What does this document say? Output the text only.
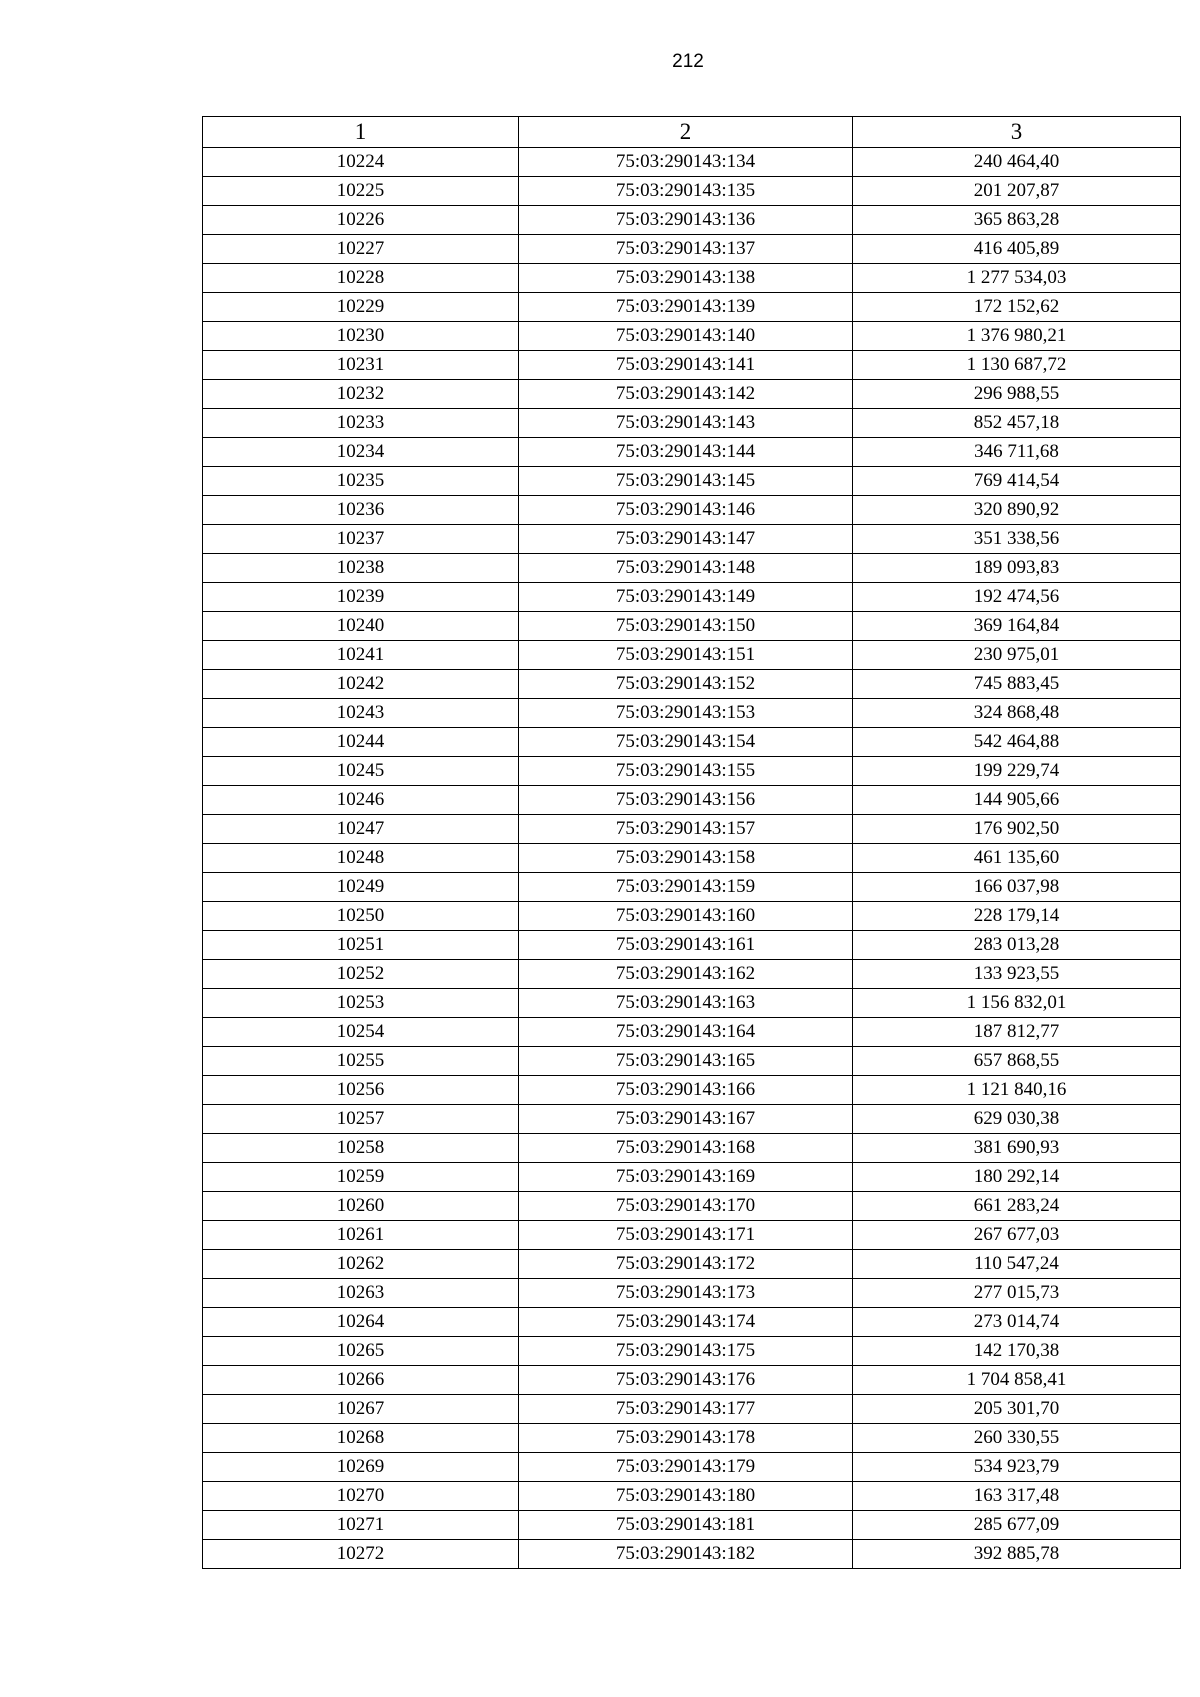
212
1	2	3
10224	75:03:290143:134	240 464,40
10225	75:03:290143:135	201 207,87
10226	75:03:290143:136	365 863,28
10227	75:03:290143:137	416 405,89
10228	75:03:290143:138	1 277 534,03
10229	75:03:290143:139	172 152,62
10230	75:03:290143:140	1 376 980,21
10231	75:03:290143:141	1 130 687,72
10232	75:03:290143:142	296 988,55
10233	75:03:290143:143	852 457,18
10234	75:03:290143:144	346 711,68
10235	75:03:290143:145	769 414,54
10236	75:03:290143:146	320 890,92
10237	75:03:290143:147	351 338,56
10238	75:03:290143:148	189 093,83
10239	75:03:290143:149	192 474,56
10240	75:03:290143:150	369 164,84
10241	75:03:290143:151	230 975,01
10242	75:03:290143:152	745 883,45
10243	75:03:290143:153	324 868,48
10244	75:03:290143:154	542 464,88
10245	75:03:290143:155	199 229,74
10246	75:03:290143:156	144 905,66
10247	75:03:290143:157	176 902,50
10248	75:03:290143:158	461 135,60
10249	75:03:290143:159	166 037,98
10250	75:03:290143:160	228 179,14
10251	75:03:290143:161	283 013,28
10252	75:03:290143:162	133 923,55
10253	75:03:290143:163	1 156 832,01
10254	75:03:290143:164	187 812,77
10255	75:03:290143:165	657 868,55
10256	75:03:290143:166	1 121 840,16
10257	75:03:290143:167	629 030,38
10258	75:03:290143:168	381 690,93
10259	75:03:290143:169	180 292,14
10260	75:03:290143:170	661 283,24
10261	75:03:290143:171	267 677,03
10262	75:03:290143:172	110 547,24
10263	75:03:290143:173	277 015,73
10264	75:03:290143:174	273 014,74
10265	75:03:290143:175	142 170,38
10266	75:03:290143:176	1 704 858,41
10267	75:03:290143:177	205 301,70
10268	75:03:290143:178	260 330,55
10269	75:03:290143:179	534 923,79
10270	75:03:290143:180	163 317,48
10271	75:03:290143:181	285 677,09
10272	75:03:290143:182	392 885,78
